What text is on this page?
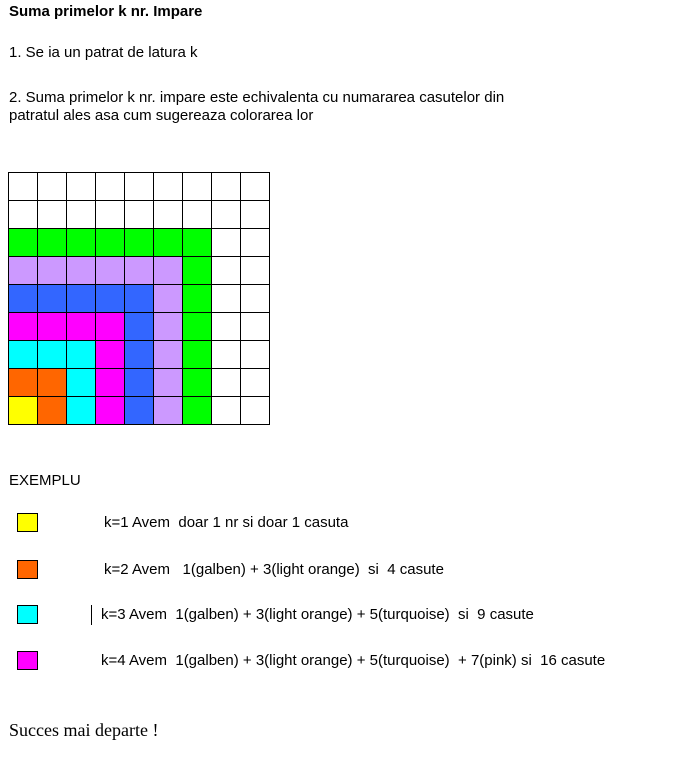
Suma primelor k nr. Impare
1. Se ia un patrat de latura k
2. Suma primelor k nr. impare este echivalenta cu numararea casutelor din
patratul ales asa cum sugereaza colorarea lor
EXEMPLU
k=1 Avem  doar 1 nr si doar 1 casuta
k=2 Avem   1(galben) + 3(light orange)  si  4 casute
k=3 Avem  1(galben) + 3(light orange) + 5(turquoise)  si  9 casute
k=4 Avem  1(galben) + 3(light orange) + 5(turquoise)  + 7(pink) si  16 casute
Succes mai departe !
